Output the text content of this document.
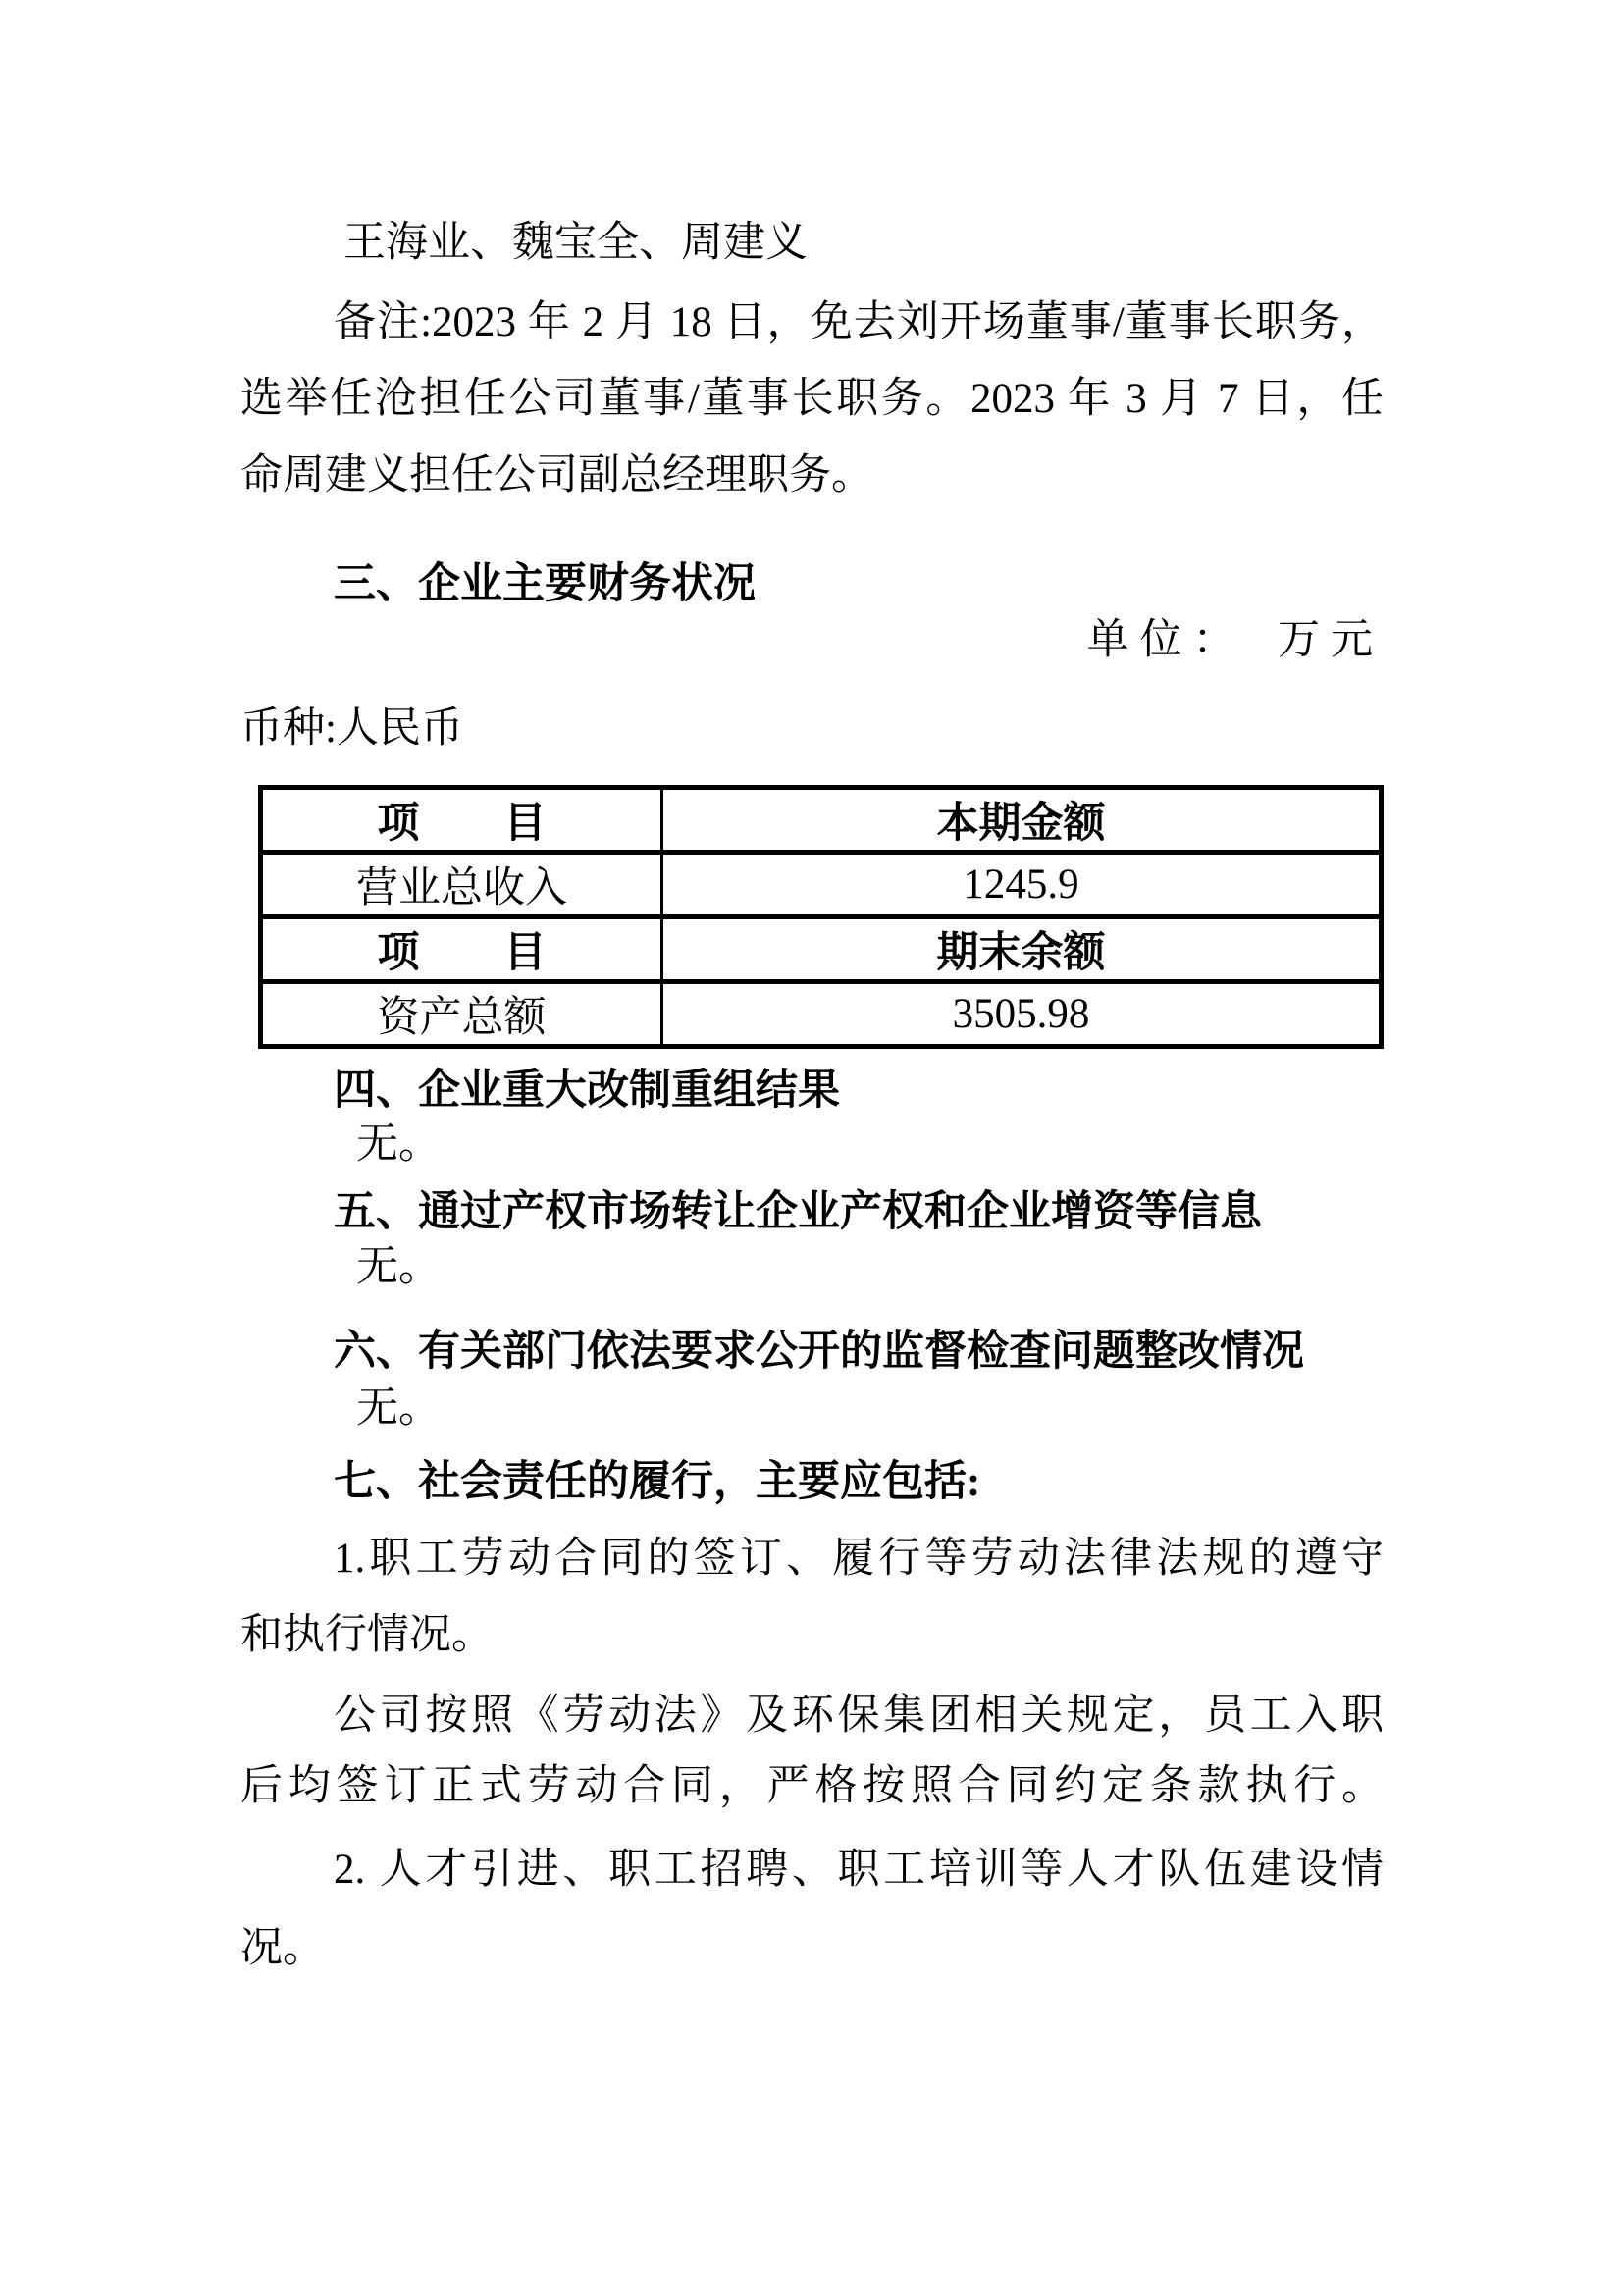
王海业、魏宝全、周建义
备注:2023 年 2 月 18 日，免去刘开场董事/董事长职务，
选举任沧担任公司董事/董事长职务。2023 年 3 月 7 日，任
命周建义担任公司副总经理职务。
三、企业主要财务状况
单位：　万元
币种:人民币
项　　目	本期金额
营业总收入	1245.9
项　　目	期末余额
资产总额	3505.98
四、企业重大改制重组结果
无。
五、通过产权市场转让企业产权和企业增资等信息
无。
六、有关部门依法要求公开的监督检查问题整改情况
无。
七、社会责任的履行，主要应包括:
1.职工劳动合同的签订、履行等劳动法律法规的遵守
和执行情况。
公司按照《劳动法》及环保集团相关规定，员工入职
后均签订正式劳动合同，严格按照合同约定条款执行。
2. 人才引进、职工招聘、职工培训等人才队伍建设情
况。
